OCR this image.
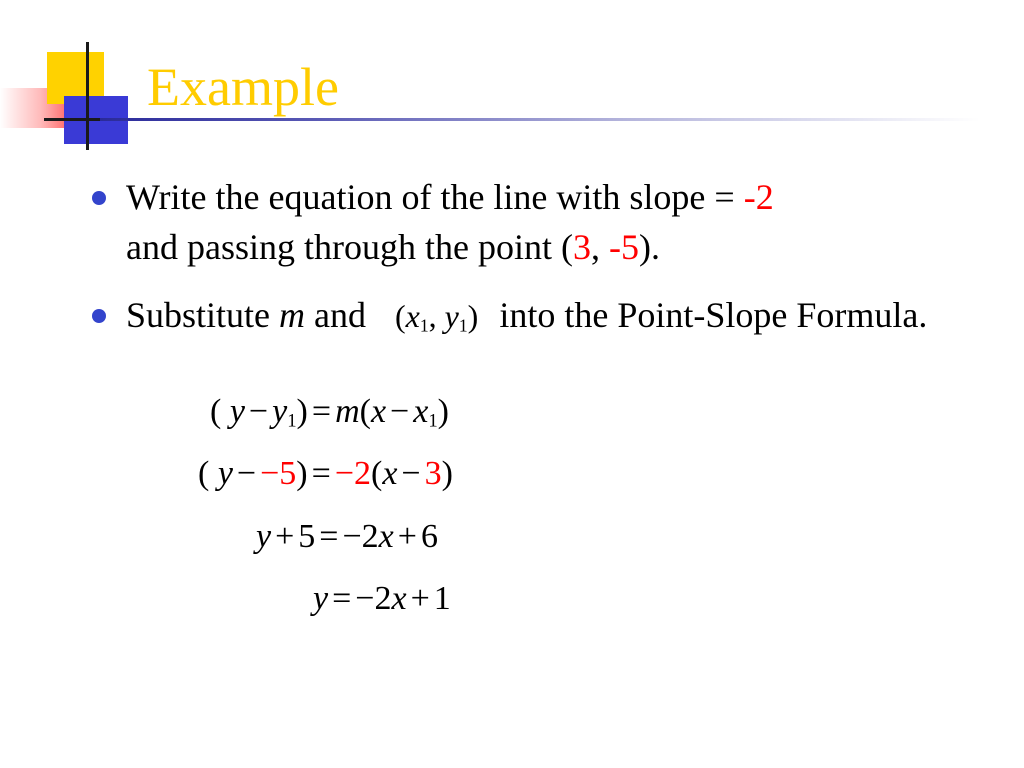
Example
Write the equation of the line with slope = -2
and passing through the point (3, -5).
Substitute m and ($x_1$, $y_1$) into the Point-Slope Formula.
( $y - y_1) = m(x - x_1)$
( y − −5) = −2(x − 3)
y + 5 = −2x + 6
y = −2x + 1
